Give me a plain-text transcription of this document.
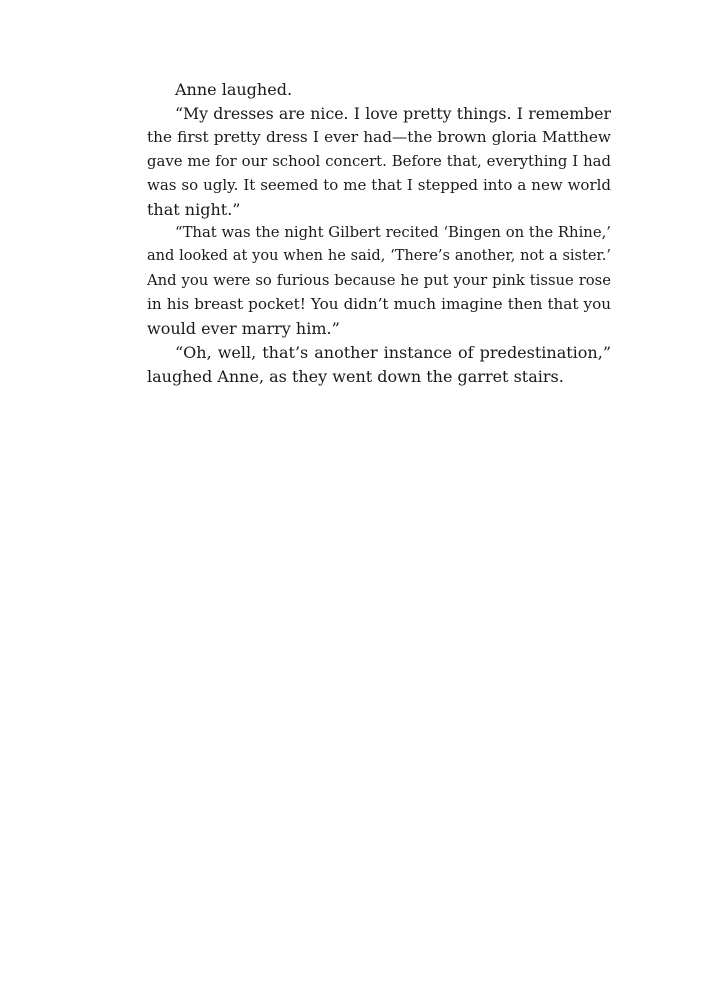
Anne laughed.

“My dresses are nice. I love pretty things. I remember
the first pretty dress I ever had—the brown gloria Matthew
gave me for our school concert. Before that, everything I had
was so ugly. It seemed to me that I stepped into a new world
that night.”

“That was the night Gilbert recited ‘Bingen on the Rhine,’
and looked at you when he said, ‘There’s another, not a sister.’
And you were so furious because he put your pink tissue rose
in his breast pocket! You didn’t much imagine then that you
would ever marry him.”

“Oh, well, that’s another instance of predestination,”
laughed Anne, as they went down the garret stairs.
